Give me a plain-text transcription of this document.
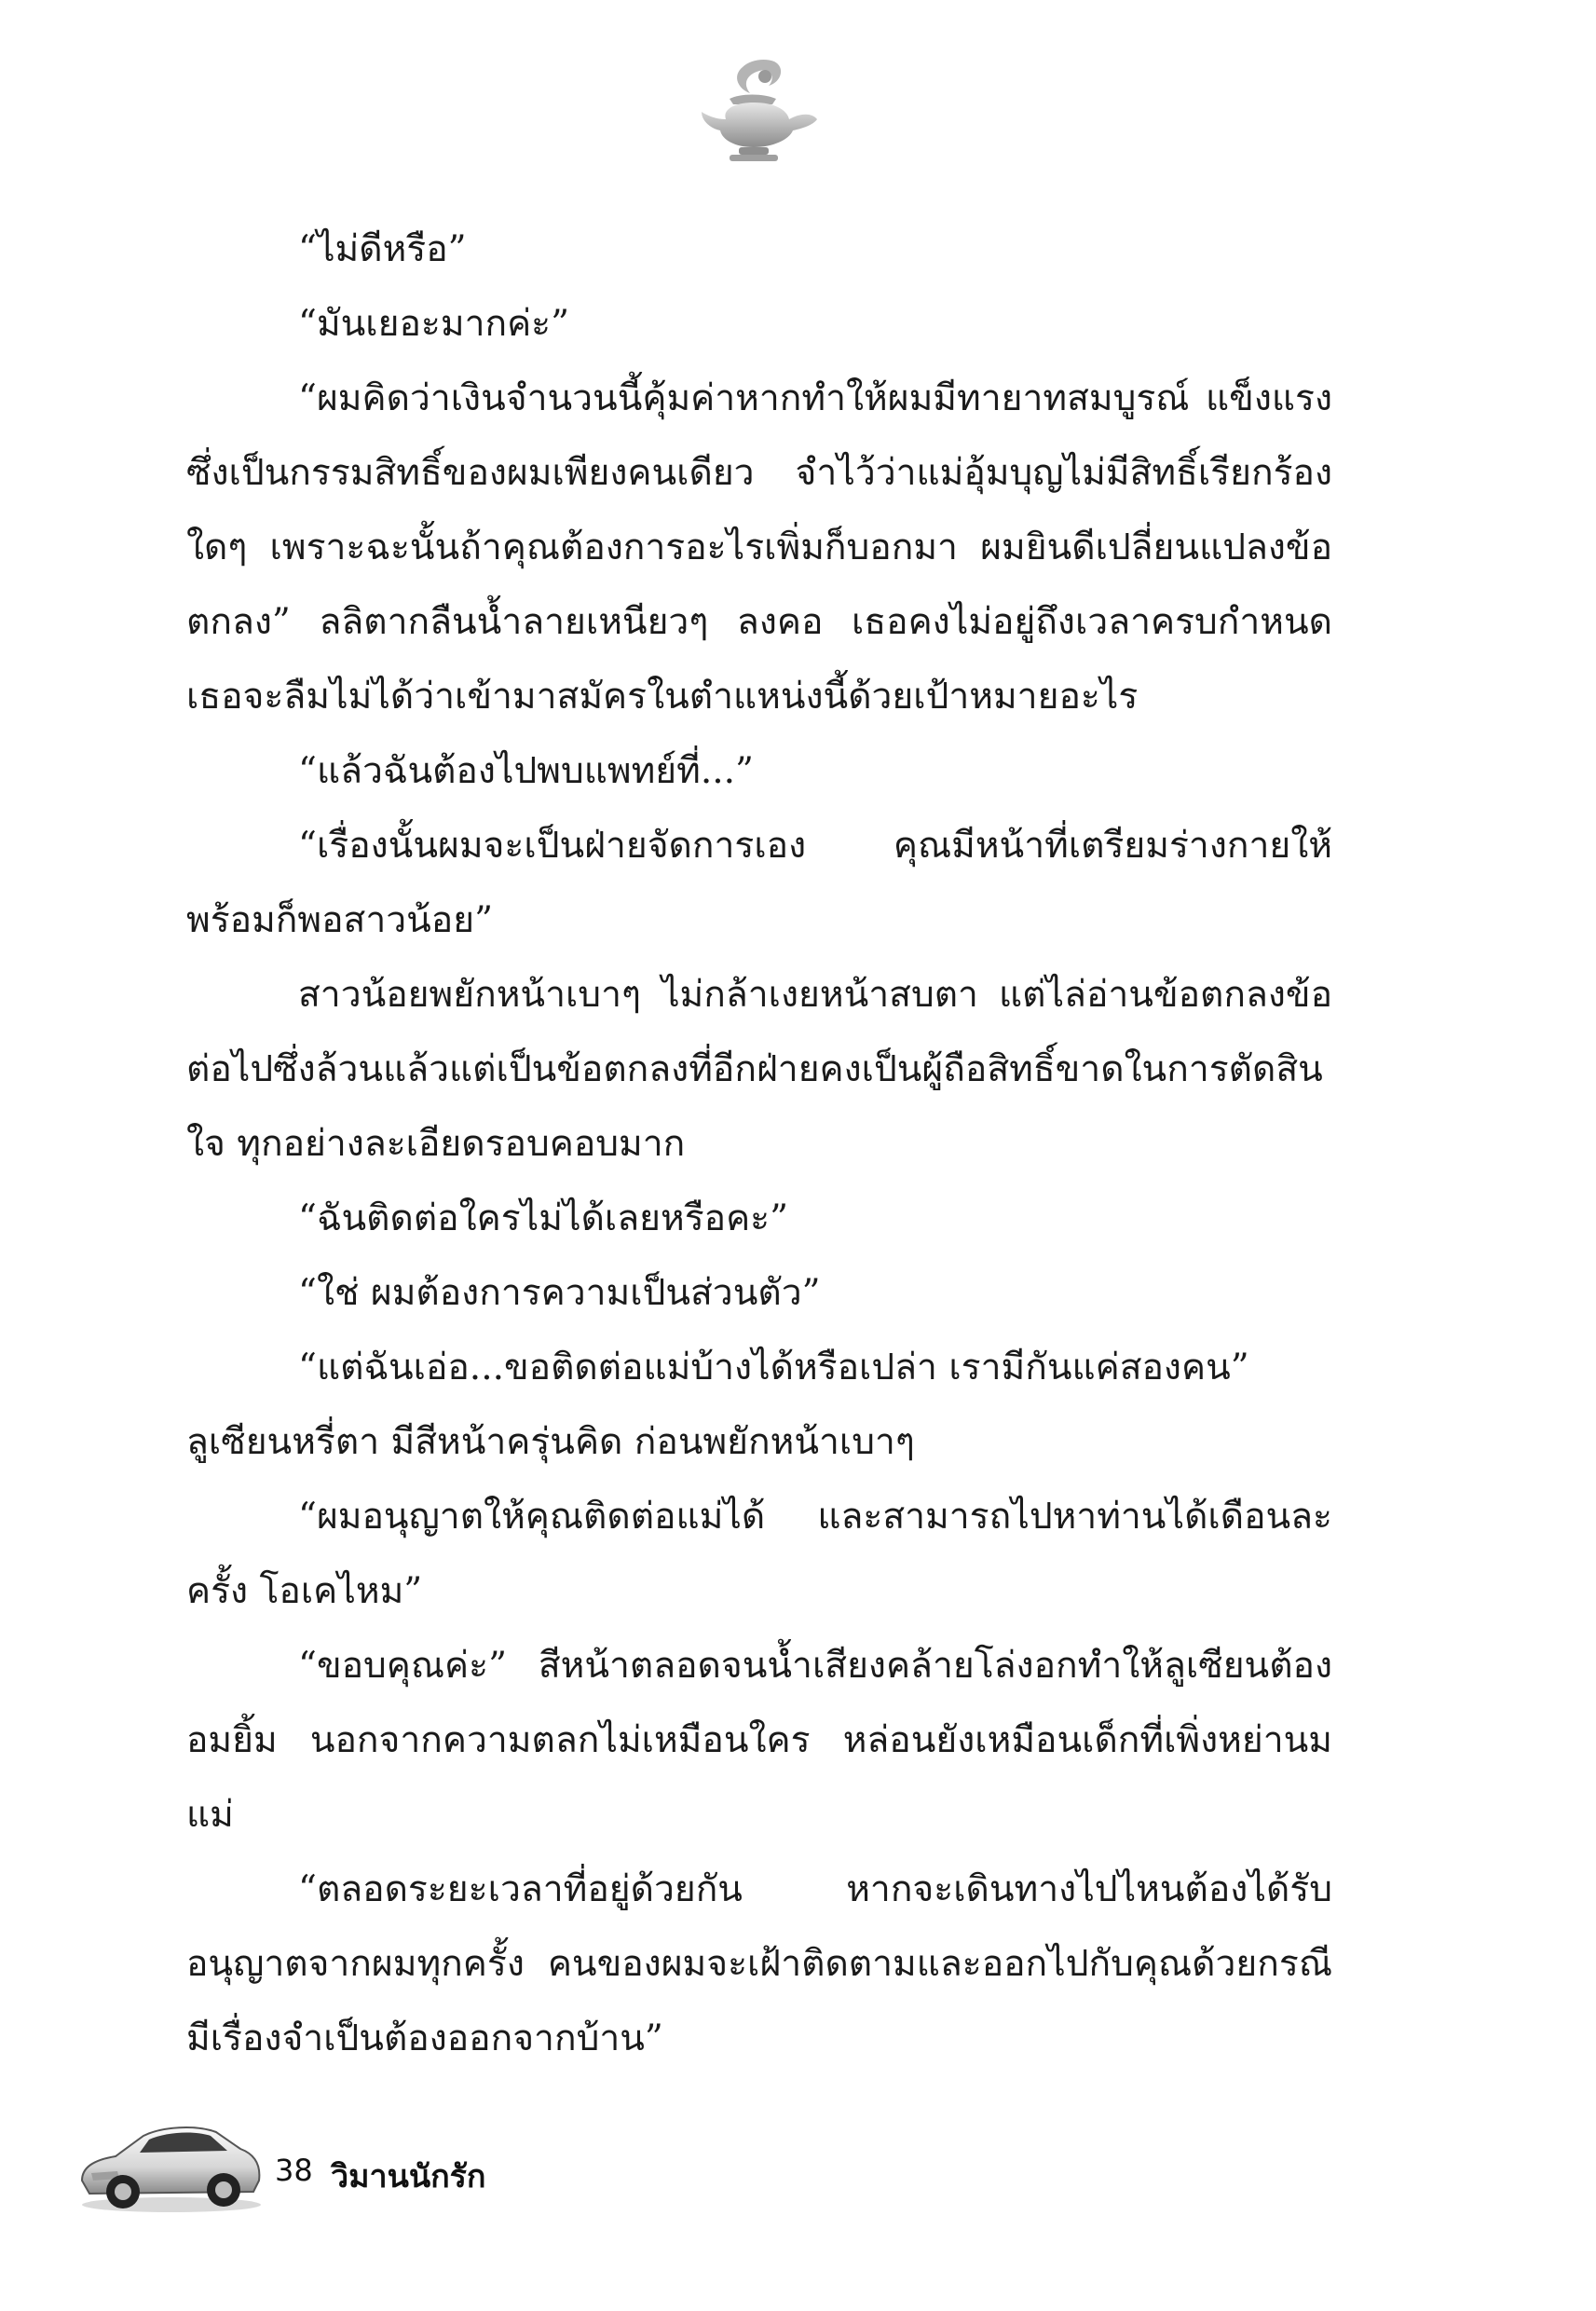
“ไม่ดีหรือ”

“มันเยอะมากค่ะ”

“ผมคิดว่าเงินจำนวนนี้คุ้มค่าหากทำให้ผมมีทายาทสมบูรณ์ แข็งแรง ซึ่งเป็นกรรมสิทธิ์ของผมเพียงคนเดียว จำไว้ว่าแม่อุ้มบุญไม่มีสิทธิ์เรียกร้องใดๆ เพราะฉะนั้นถ้าคุณต้องการอะไรเพิ่มก็บอกมา ผมยินดีเปลี่ยนแปลงข้อตกลง” ลลิตากลืนน้ำลายเหนียวๆ ลงคอ เธอคงไม่อยู่ถึงเวลาครบกำหนด เธอจะลืมไม่ได้ว่าเข้ามาสมัครในตำแหน่งนี้ด้วยเป้าหมายอะไร

“แล้วฉันต้องไปพบแพทย์ที่...”

“เรื่องนั้นผมจะเป็นฝ่ายจัดการเอง คุณมีหน้าที่เตรียมร่างกายให้พร้อมก็พอสาวน้อย”

สาวน้อยพยักหน้าเบาๆ ไม่กล้าเงยหน้าสบตา แต่ไล่อ่านข้อตกลงข้อต่อไปซึ่งล้วนแล้วแต่เป็นข้อตกลงที่อีกฝ่ายคงเป็นผู้ถือสิทธิ์ขาดในการตัดสินใจ ทุกอย่างละเอียดรอบคอบมาก

“ฉันติดต่อใครไม่ได้เลยหรือคะ”

“ใช่ ผมต้องการความเป็นส่วนตัว”

“แต่ฉันเอ่อ...ขอติดต่อแม่บ้างได้หรือเปล่า เรามีกันแค่สองคน”

ลูเซียนหรี่ตา มีสีหน้าครุ่นคิด ก่อนพยักหน้าเบาๆ

“ผมอนุญาตให้คุณติดต่อแม่ได้ และสามารถไปหาท่านได้เดือนละครั้ง โอเคไหม”

“ขอบคุณค่ะ” สีหน้าตลอดจนน้ำเสียงคล้ายโล่งอกทำให้ลูเซียนต้องอมยิ้ม นอกจากความตลกไม่เหมือนใคร หล่อนยังเหมือนเด็กที่เพิ่งหย่านมแม่

“ตลอดระยะเวลาที่อยู่ด้วยกัน หากจะเดินทางไปไหนต้องได้รับอนุญาตจากผมทุกครั้ง คนของผมจะเฝ้าติดตามและออกไปกับคุณด้วยกรณีมีเรื่องจำเป็นต้องออกจากบ้าน”

38 วิมานนักรัก
